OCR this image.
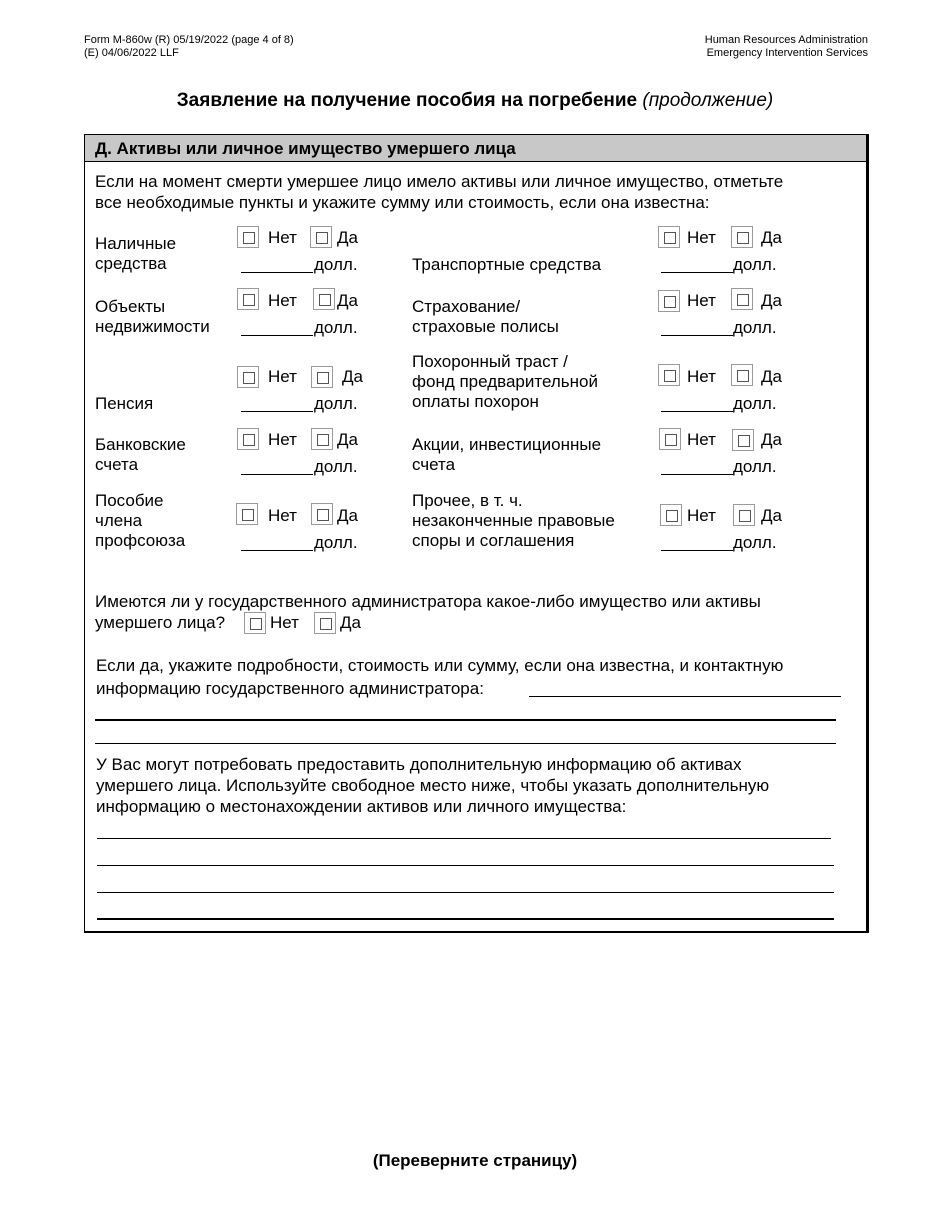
Form M-860w (R) 05/19/2022 (page 4 of 8)
(E) 04/06/2022 LLF
Human Resources Administration
Emergency Intervention Services
Заявление на получение пособия на погребение (продолжение)
Д. Активы или личное имущество умершего лица
Если на момент смерти умершее лицо имело активы или личное имущество, отметьте
все необходимые пункты и укажите сумму или стоимость, если она известна:
Наличные
средства
Нет Да
долл.
Объекты
недвижимости
Нет Да
долл.
Пенсия
Нет	Да
долл.
Банковские
счета
Нет Да
долл.
Пособие
члена
профсоюза
Нет Да
долл.
Транспортные средства
Нет	Да
долл.
Страхование/
страховые полисы
Нет	Да
долл.
Похоронный траст /
фонд предварительной
оплаты похорон
Нет	Да
долл.
Акции, инвестиционные
счета
Нет	Да
долл.
Прочее, в т. ч.
незаконченные правовые
споры и соглашения
Нет	Да
долл.
Имеются ли у государственного администратора какое-либо имущество или активы
умершего лица?	Нет Да
Если да, укажите подробности, стоимость или сумму, если она известна, и контактную
информацию государственного администратора:
У Вас могут потребовать предоставить дополнительную информацию об активах
умершего лица. Используйте свободное место ниже, чтобы указать дополнительную
информацию о местонахождении активов или личного имущества:
(Переверните страницу)
